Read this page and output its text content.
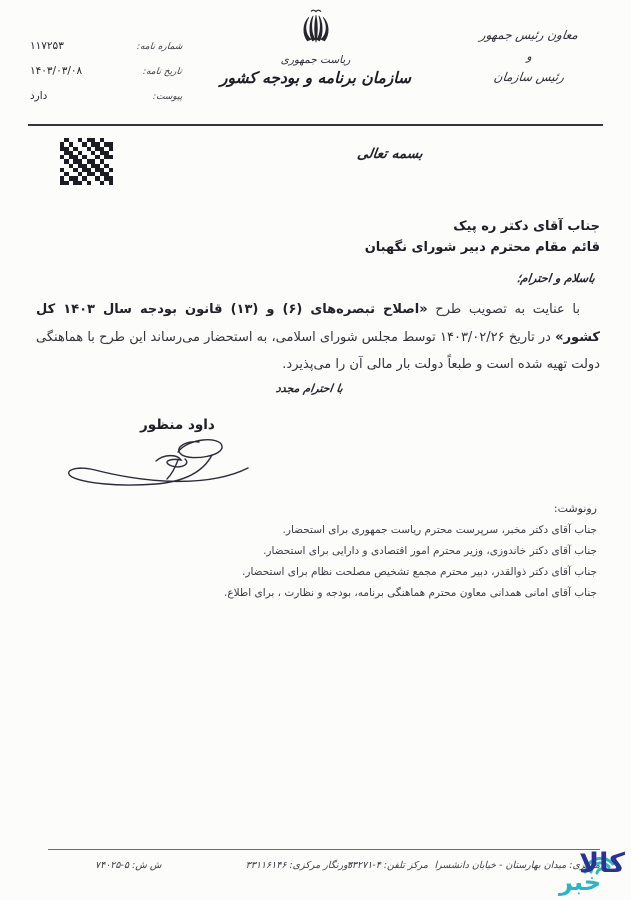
شماره نامه:
۱۱۷۲۵۳
تاریخ نامه:
۱۴۰۳/۰۳/۰۸
پیوست:
دارد
ریاست جمهوری
سازمان برنامه و بودجه کشور
معاون رئیس جمهور
و
رئیس سازمان
بسمه تعالی
جناب آقای دکتر ره پیک
قائم مقام محترم دبیر شورای نگهبان
باسلام و احترام؛

با عنایت به تصویب طرح «اصلاح تبصره‌های (۶) و (۱۳) قانون بودجه سال ۱۴۰۳ کل کشور» در تاریخ ۱۴۰۳/۰۲/۲۶ توسط مجلس شورای اسلامی، به استحضار می‌رساند این طرح با هماهنگی دولت تهیه شده است و طبعاً دولت بار مالی آن را می‌پذیرد.

با احترام مجدد
داود منظور
رونوشت:
جناب آقای دکتر مخبر، سرپرست محترم ریاست جمهوری برای استحضار.
جناب آقای دکتر خاندوزی، وزیر محترم امور اقتصادی و دارایی برای استحضار.
جناب آقای دکتر ذوالقدر، دبیر محترم مجمع تشخیص مصلحت نظام برای استحضار.
جناب آقای امانی همدانی معاون محترم هماهنگی برنامه، بودجه و نظارت ، برای اطلاع.
مرکزی: میدان بهارستان - خیابان دانشسرا
مرکز تلفن: ۴-۳۳۲۷۱
دورنگار مرکزی: ۳۳۱۱۶۱۴۶
ش ش: ۵-۷۴۰۲۵	کالا
خبر
